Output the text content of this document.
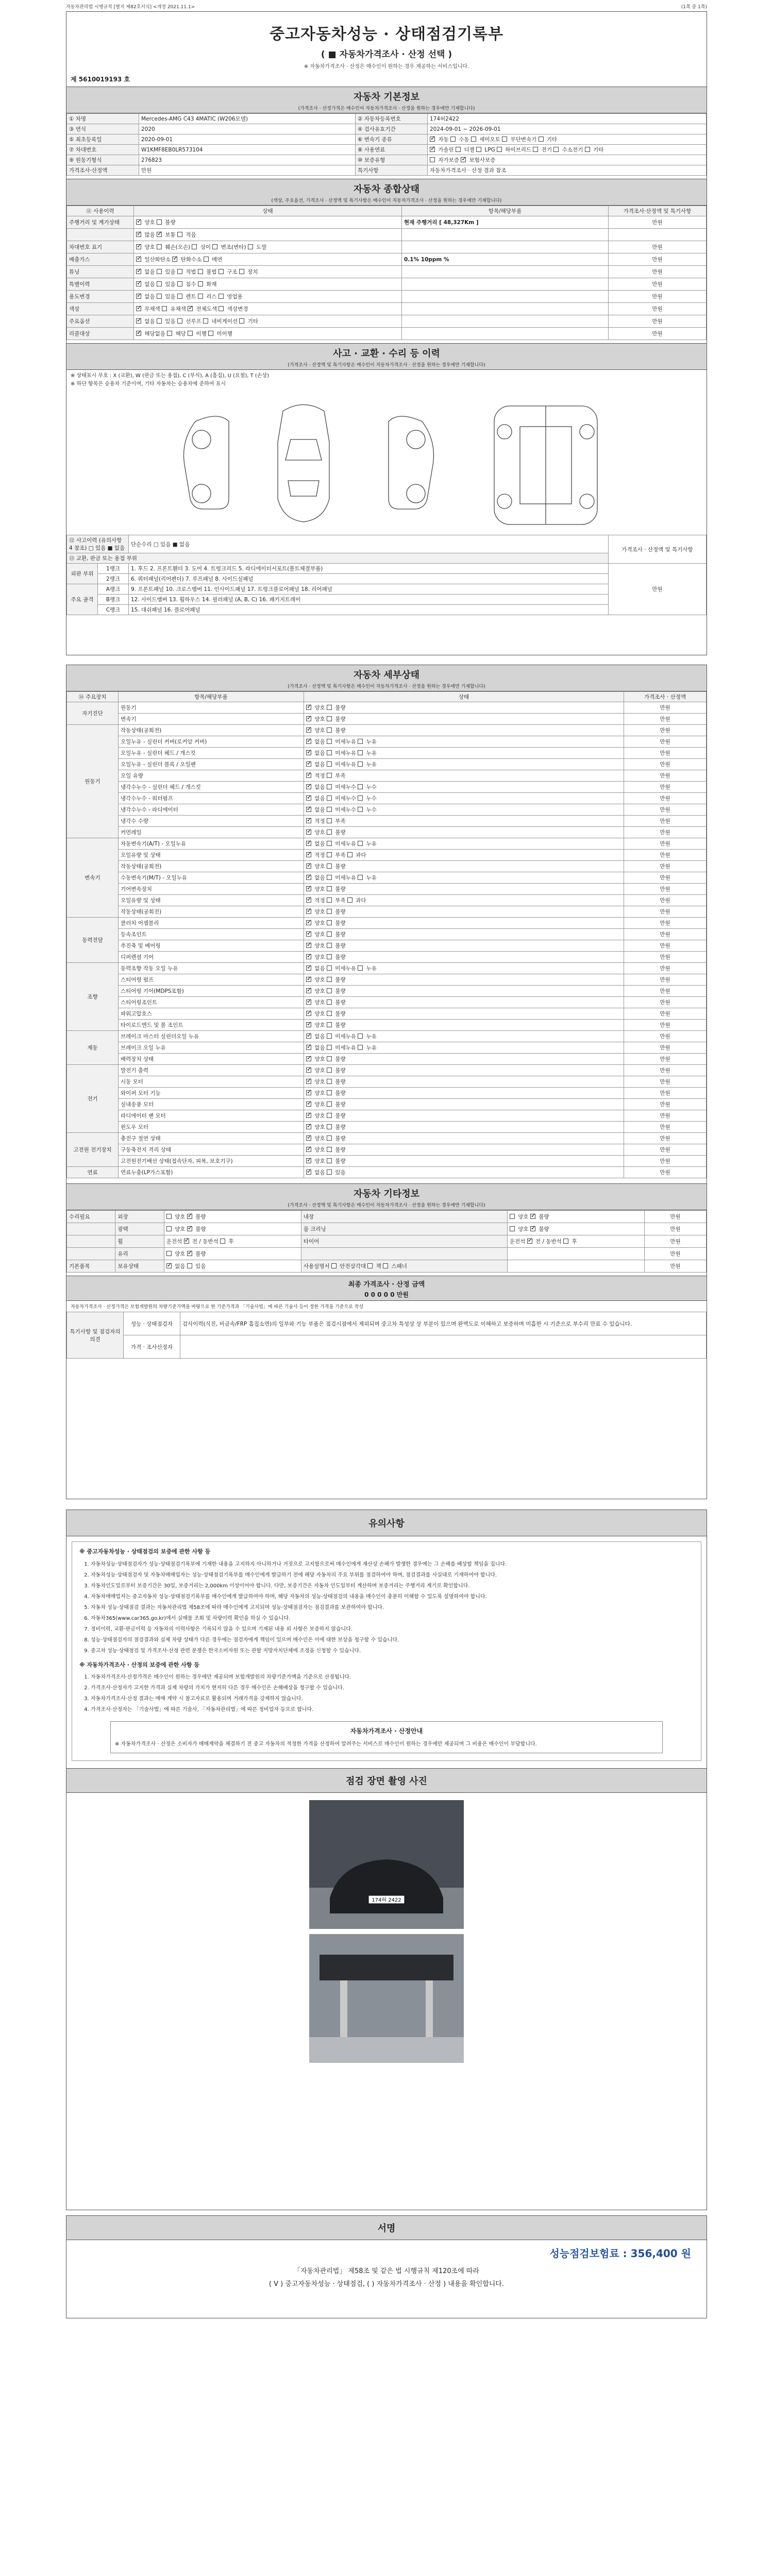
자동차관리법 시행규칙 [별지 제82호서식] <개정 2021.11.1>	(1쪽 중 1쪽)
중고자동차성능 · 상태점검기록부
( ■ 자동차가격조사 · 산정 선택 )
※ 자동차가격조사 · 산정은 매수인이 원하는 경우 제공하는 서비스입니다.
제 5610019193 호
자동차 기본정보
(가격조사 · 산정가격은 매수인이 자동차가격조사 · 산정을 원하는 경우에만 기재합니다)
① 차명	Mercedes-AMG C43 4MATIC (W206모델)	② 자동차등록번호	174허2422
③ 연식	2020	④ 검사유효기간	2024-09-01 ~ 2026-09-01
⑤ 최초등록일	2020-09-01	⑥ 변속기 종류	✓ 자동  수동  세미오토  무단변속기  기타
⑦ 차대번호	W1KMF8EB0LR573104	⑧ 사용연료	✓ 가솔린  디젤  LPG  하이브리드  전기  수소전기  기타
⑨ 원동기형식	276823	⑩ 보증유형	자가보증 ✓ 보험사보증
가격조사·산정액	만원	특기사항	자동차가격조사 · 산정 결과 참조
자동차 종합상태
(색상, 주요옵션, 가격조사 · 산정액 및 특기사항은 매수인이 자동차가격조사 · 산정을 원하는 경우에만 기재합니다)
⑪ 사용이력	상태	항목/해당부품	가격조사·산정액 및 특기사항
주행거리 및 계기상태	✓ 양호  불량	현재 주행거리 [ 48,327Km ]	만원
	✓ 많음 ✓ 보통  적음		
차대번호 표기	✓ 양호  훼손(오손)  상이  변조(변타)  도말		만원
배출가스	✓ 일산화탄소 ✓ 탄화수소  매연	0.1% 10ppm %	만원
튜닝	✓ 없음  있음  적법  불법  구조  장치		만원
특별이력	✓ 없음  있음  침수  화재		만원
용도변경	✓ 없음  있음  렌트  리스  영업용		만원
색상	✓ 무채색  유채색 ✓ 전체도색  색상변경		만원
주요옵션	✓ 없음  있음  선루프  네비게이션  기타		만원
리콜대상	✓ 해당없음  해당  이행  미이행		만원
사고 · 교환 · 수리 등 이력
(가격조사 · 산정액 및 특기사항은 매수인이 자동차가격조사 · 산정을 원하는 경우에만 기재합니다)
※ 상태표시 부호 : X (교환), W (판금 또는 용접), C (부식), A (흠집), U (요철), T (손상)
※ 하단 항목은 승용차 기준이며, 기타 자동차는 승용차에 준하여 표시
⑫ 사고이력 (유의사항 4 참조) □ 있음 ■ 없음		단순수리 □ 있음 ■ 없음	가격조사 · 산정액 및 특기사항
⑬ 교환, 판금 또는 용접 부위			
외판 부위	1랭크	1. 후드 2. 프론트휀더 3. 도어 4. 트렁크리드 5. 라디에이터서포트(볼트체결부품)	만원
	2랭크	6. 쿼터패널(리어펜더) 7. 루프패널 8. 사이드실패널	
주요 골격	A랭크	9. 프론트패널 10. 크로스멤버 11. 인사이드패널 17. 트렁크플로어패널 18. 리어패널	
	B랭크	12. 사이드멤버 13. 휠하우스 14. 필러패널 (A, B, C) 16. 패키지트레이	
	C랭크	15. 대쉬패널 16. 플로어패널	
자동차 세부상태
(가격조사 · 산정액 및 특기사항은 매수인이 자동차가격조사 · 산정을 원하는 경우에만 기재합니다)
⑭ 주요장치	항목/해당부품	상태	가격조사 · 산정액
자기진단	원동기	✓ 양호  불량	만원
	변속기	✓ 양호  불량	만원
원동기	작동상태(공회전)	✓ 양호  불량	만원
	오일누유 - 실린더 커버(로커암 커버)	✓ 없음  미세누유  누유	만원
	오일누유 - 실린더 헤드 / 개스킷	✓ 없음  미세누유  누유	만원
	오일누유 - 실린더 블록 / 오일팬	✓ 없음  미세누유  누유	만원
	오일 유량	✓ 적정  부족	만원
	냉각수누수 - 실린더 헤드 / 개스킷	✓ 없음  미세누수  누수	만원
	냉각수누수 - 워터펌프	✓ 없음  미세누수  누수	만원
	냉각수누수 - 라디에이터	✓ 없음  미세누수  누수	만원
	냉각수 수량	✓ 적정  부족	만원
	커먼레일	✓ 양호  불량	만원
변속기	자동변속기(A/T) - 오일누유	✓ 없음  미세누유  누유	만원
	오일유량 및 상태	✓ 적정  부족  과다	만원
	작동상태(공회전)	✓ 양호  불량	만원
	수동변속기(M/T) - 오일누유	✓ 없음  미세누유  누유	만원
	기어변속장치	✓ 양호  불량	만원
	오일유량 및 상태	✓ 적정  부족  과다	만원
	작동상태(공회전)	✓ 양호  불량	만원
동력전달	클러치 어셈블리	✓ 양호  불량	만원
	등속조인트	✓ 양호  불량	만원
	추진축 및 베어링	✓ 양호  불량	만원
	디퍼렌셜 기어	✓ 양호  불량	만원
조향	동력조향 작동 오일 누유	✓ 없음  미세누유  누유	만원
	스티어링 펌프	✓ 양호  불량	만원
	스티어링 기어(MDPS포함)	✓ 양호  불량	만원
	스티어링조인트	✓ 양호  불량	만원
	파워고압호스	✓ 양호  불량	만원
	타이로드엔드 및 볼 조인트	✓ 양호  불량	만원
제동	브레이크 마스터 실린더오일 누유	✓ 없음  미세누유  누유	만원
	브레이크 오일 누유	✓ 없음  미세누유  누유	만원
	배력장치 상태	✓ 양호  불량	만원
전기	발전기 출력	✓ 양호  불량	만원
	시동 모터	✓ 양호  불량	만원
	와이퍼 모터 기능	✓ 양호  불량	만원
	실내송풍 모터	✓ 양호  불량	만원
	라디에이터 팬 모터	✓ 양호  불량	만원
	윈도우 모터	✓ 양호  불량	만원
고전원 전기장치	충전구 절연 상태	✓ 양호  불량	만원
	구동축전지 격리 상태	✓ 양호  불량	만원
	고전원전기배선 상태(접속단자, 피복, 보호기구)	✓ 양호  불량	만원
연료	연료누출(LP가스포함)	✓ 없음  있음	만원
자동차 기타정보
(가격조사 · 산정액 및 특기사항은 매수인이 자동차가격조사 · 산정을 원하는 경우에만 기재합니다)
수리필요	외장	양호 ✓ 불량	내장	양호 ✓ 불량	만원
	광택	양호 ✓ 불량	룸 크리닝	양호 ✓ 불량	만원
	휠	운전석 ✓ 전 / 동반석  후	타이어	운전석 ✓ 전 / 동반석  후	만원
	유리	양호 ✓ 불량			만원
기본품목	보유상태	✓ 없음  있음	사용설명서  안전삼각대  잭  스패너		만원
최종 가격조사 · 산정 금액
0 0 0 0 0 만원
자동차가격조사 · 산정가격은 보험개발원의 차량기준가액을 바탕으로 한 기준가격과 「기술사법」에 따른 기술사 등이 정한 가격을 기준으로 작성
특기사항 및 점검자의 의견	성능 · 상태점검자	검사이력(식진, 비금속/FRP 흡집소면)의 일부와 기능 부품은 점검시점에서 제외되며 중고차 특성상 상 부분이 있으며 완벽도로 이해하고 보증하며 미흡한 시 기준으로 부수리 만료 수 있습니다.
	가격 · 조사산정자	
유의사항
※ 중고자동차성능 · 상태점검의 보증에 관한 사항 등
1. 자동차성능·상태점검자가 성능·상태점검기록부에 기재한 내용을 고지하지 아니하거나 거짓으로 고지함으로써 매수인에게 재산상 손해가 발생한 경우에는 그 손해를 배상할 책임을 집니다.
2. 자동차성능·상태점검자 및 자동차매매업자는 성능·상태점검기록부를 매수인에게 발급하기 전에 해당 자동차의 주요 부위를 점검하여야 하며, 점검결과를 사실대로 기재하여야 합니다.
3. 자동차인도일로부터 보증기간은 30일, 보증거리는 2,000km 이상이어야 합니다. 다만, 보증기간은 자동차 인도일부터 계산하며 보증거리는 주행거리 계기로 확인합니다.
4. 자동차매매업자는 중고자동차 성능·상태점검기록부를 매수인에게 발급하여야 하며, 해당 자동차의 성능·상태점검의 내용을 매수인이 충분히 이해할 수 있도록 설명하여야 합니다.
5. 자동차 성능·상태점검 결과는 자동차관리법 제58조에 따라 매수인에게 고지되며 성능·상태점검자는 점검결과를 보관하여야 합니다.
6. 자동차365(www.car365.go.kr)에서 실매물 조회 및 차량이력 확인을 하실 수 있습니다.
7. 정비이력, 교환·판금이력 등 자동차의 이력사항은 기록되지 않을 수 있으며 기재된 내용 외 사항은 보증하지 않습니다.
8. 성능·상태점검자의 점검결과와 실제 차량 상태가 다른 경우에는 점검자에게 책임이 있으며 매수인은 이에 대한 보상을 청구할 수 있습니다.
9. 중고차 성능·상태점검 및 가격조사·산정 관련 분쟁은 한국소비자원 또는 관할 지방자치단체에 조정을 신청할 수 있습니다.
※ 자동차가격조사 · 산정의 보증에 관한 사항 등
1. 자동차가격조사·산정가격은 매수인이 원하는 경우에만 제공되며 보험개발원의 차량기준가액을 기준으로 산정됩니다.
2. 가격조사·산정자가 고지한 가격과 실제 차량의 가치가 현저히 다른 경우 매수인은 손해배상을 청구할 수 있습니다.
3. 자동차가격조사·산정 결과는 매매 계약 시 참고자료로 활용되며 거래가격을 강제하지 않습니다.
4. 가격조사·산정자는 「기술사법」에 따른 기술사, 「자동차관리법」에 따른 정비업자 등으로 합니다.
자동차가격조사 · 산정안내
※ 자동차가격조사 · 산정은 소비자가 매매계약을 체결하기 전 중고 자동차의 적정한 가격을 산정하여 알려주는 서비스로 매수인이 원하는 경우에만 제공되며 그 비용은 매수인이 부담합니다.
점검 장면 촬영 사진
174허 2422
서명
성능점검보험료 : 356,400 원
「자동차관리법」 제58조 및 같은 법 시행규칙 제120조에 따라
( V ) 중고자동차성능 · 상태점검, ( ) 자동차가격조사 · 산정 ) 내용을 확인합니다.
